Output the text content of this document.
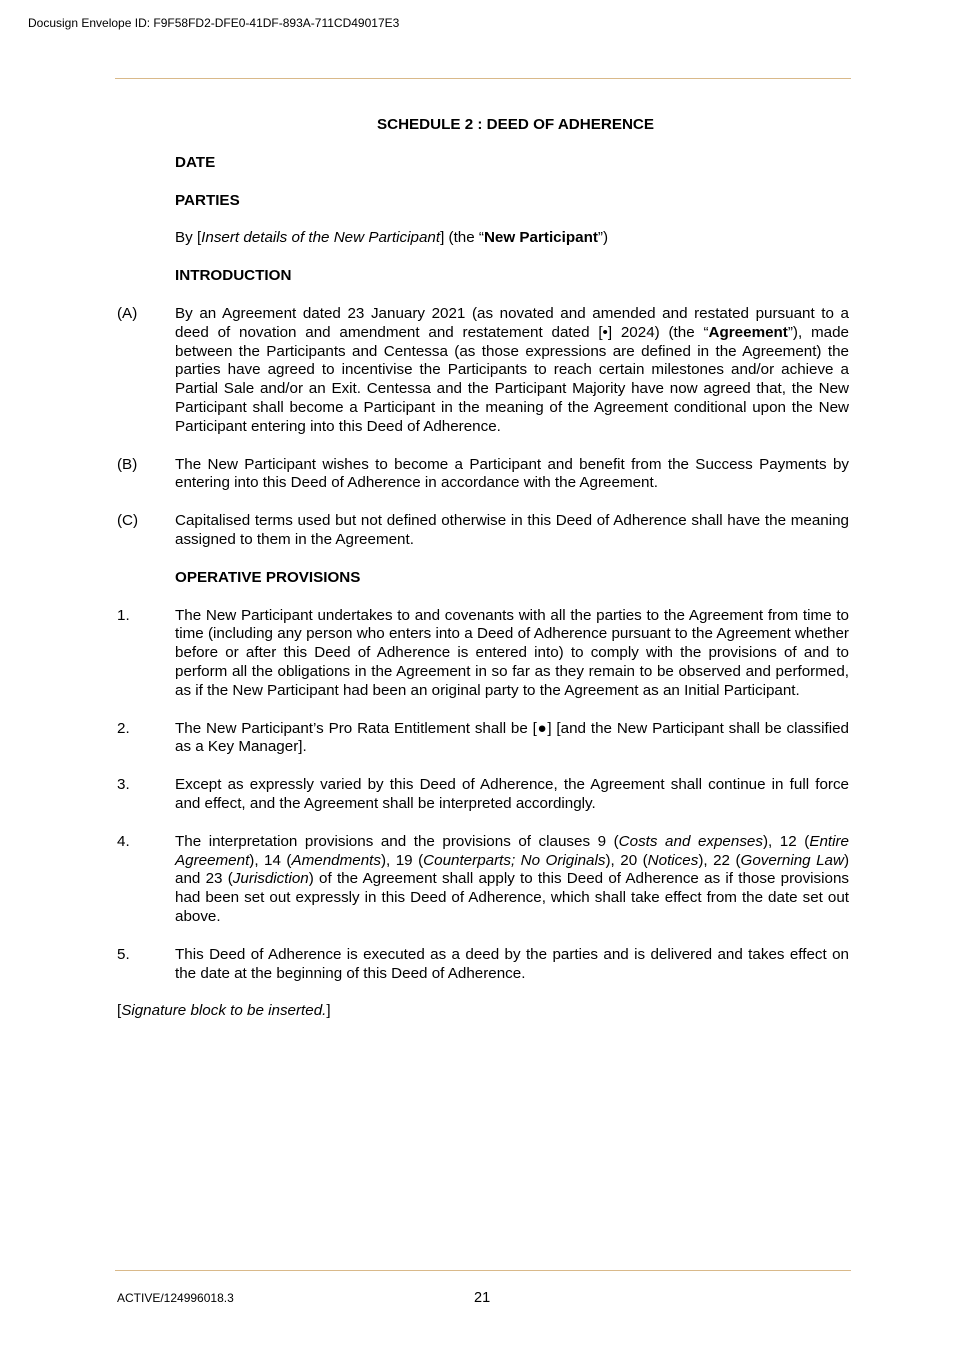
Docusign Envelope ID: F9F58FD2-DFE0-41DF-893A-711CD49017E3
SCHEDULE 2 : DEED OF ADHERENCE
DATE
PARTIES
By [Insert details of the New Participant] (the “New Participant”)
INTRODUCTION
(A)	By an Agreement dated 23 January 2021 (as novated and amended and restated pursuant to a deed of novation and amendment and restatement dated [•] 2024) (the “Agreement”), made between the Participants and Centessa (as those expressions are defined in the Agreement) the parties have agreed to incentivise the Participants to reach certain milestones and/or achieve a Partial Sale and/or an Exit. Centessa and the Participant Majority have now agreed that, the New Participant shall become a Participant in the meaning of the Agreement conditional upon the New Participant entering into this Deed of Adherence.
(B)	The New Participant wishes to become a Participant and benefit from the Success Payments by entering into this Deed of Adherence in accordance with the Agreement.
(C)	Capitalised terms used but not defined otherwise in this Deed of Adherence shall have the meaning assigned to them in the Agreement.
OPERATIVE PROVISIONS
1.	The New Participant undertakes to and covenants with all the parties to the Agreement from time to time (including any person who enters into a Deed of Adherence pursuant to the Agreement whether before or after this Deed of Adherence is entered into) to comply with the provisions of and to perform all the obligations in the Agreement in so far as they remain to be observed and performed, as if the New Participant had been an original party to the Agreement as an Initial Participant.
2.	The New Participant’s Pro Rata Entitlement shall be [●] [and the New Participant shall be classified as a Key Manager].
3.	Except as expressly varied by this Deed of Adherence, the Agreement shall continue in full force and effect, and the Agreement shall be interpreted accordingly.
4.	The interpretation provisions and the provisions of clauses 9 (Costs and expenses), 12 (Entire Agreement), 14 (Amendments), 19 (Counterparts; No Originals), 20 (Notices), 22 (Governing Law) and 23 (Jurisdiction) of the Agreement shall apply to this Deed of Adherence as if those provisions had been set out expressly in this Deed of Adherence, which shall take effect from the date set out above.
5.	This Deed of Adherence is executed as a deed by the parties and is delivered and takes effect on the date at the beginning of this Deed of Adherence.
[Signature block to be inserted.]
ACTIVE/124996018.3	21
